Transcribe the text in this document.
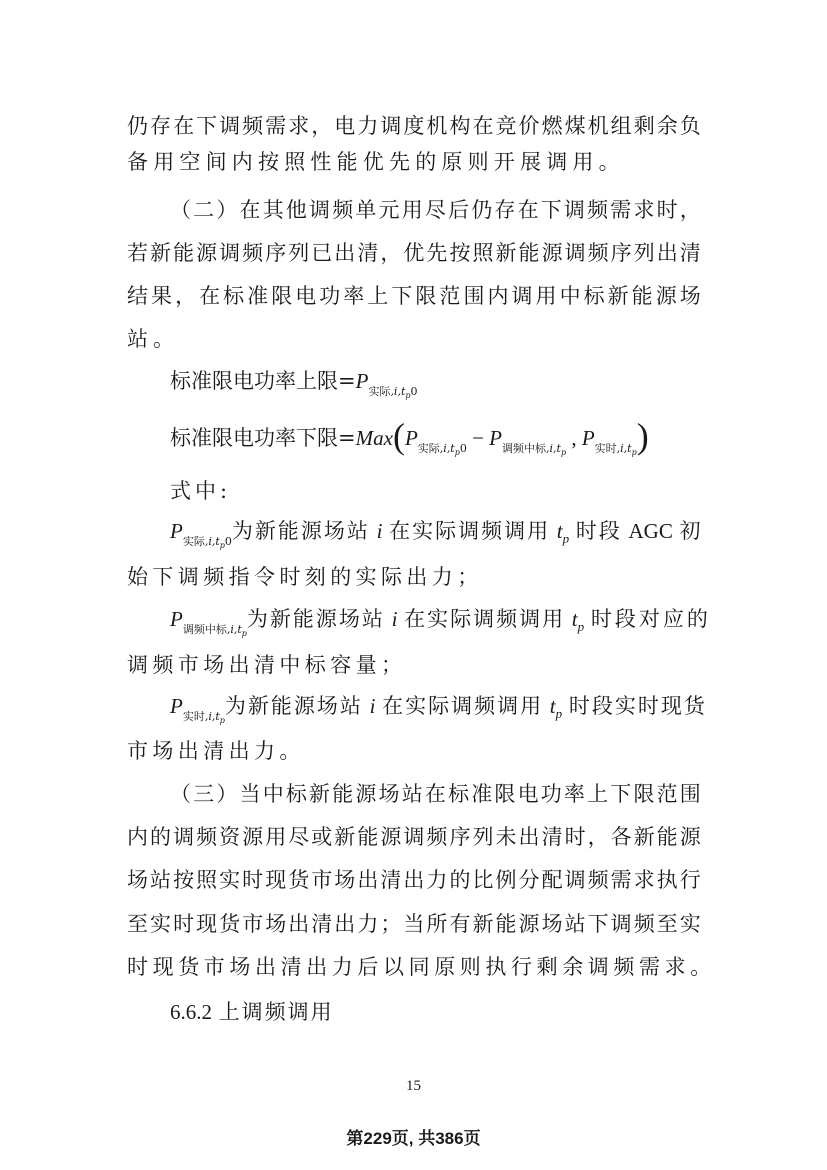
仍 存 在 下 调 频 需 求 ， 电 力 调 度 机 构 在 竞 价 燃 煤 机 组 剩 余 负
备用空间内按照性能优先的原则开展调用。
（ 二 ） 在 其 他 调 频 单 元 用 尽 后 仍 存 在 下 调 频 需 求 时 ，
若 新 能 源 调 频 序 列 已 出 清 ， 优 先 按 照 新 能 源 调 频 序 列 出 清
结 果 ， 在 标 准 限 电 功 率 上 下 限 范 围 内 调 用 中 标 新 能 源 场
站。
标准限电功率上限$=P_{实际,i,t_p0}$
标准限电功率下限$=Max(P_{实际,i,t_p0} - P_{调频中标,i,t_p}$ , $P_{实时,i,t_p}$)
式中:
$P_{实际,i,t_p0}$为新能源场站 i 在实际调频调用 $t_p$ 时段 AGC 初
始下调频指令时刻的实际出力；
$P_{调频中标,i,t_p}$为新能源场站 i 在实际调频调用 $t_p$ 时段对应的
调频市场出清中标容量；
$P_{实时,i,t_p}$为新能源场站 i 在实际调频调用 $t_p$ 时段实时现货
市场出清出力。
（ 三 ） 当 中 标 新 能 源 场 站 在 标 准 限 电 功 率 上 下 限 范 围
内 的 调 频 资 源 用 尽 或 新 能 源 调 频 序 列 未 出 清 时 ， 各 新 能 源
场 站 按 照 实 时 现 货 市 场 出 清 出 力 的 比 例 分 配 调 频 需 求 执 行
至 实 时 现 货 市 场 出 清 出 力 ； 当 所 有 新 能 源 场 站 下 调 频 至 实
时现货市场出清出力后以同原则执行剩余调频需求。
6.6.2 上调频调用
15
第229页, 共386页
